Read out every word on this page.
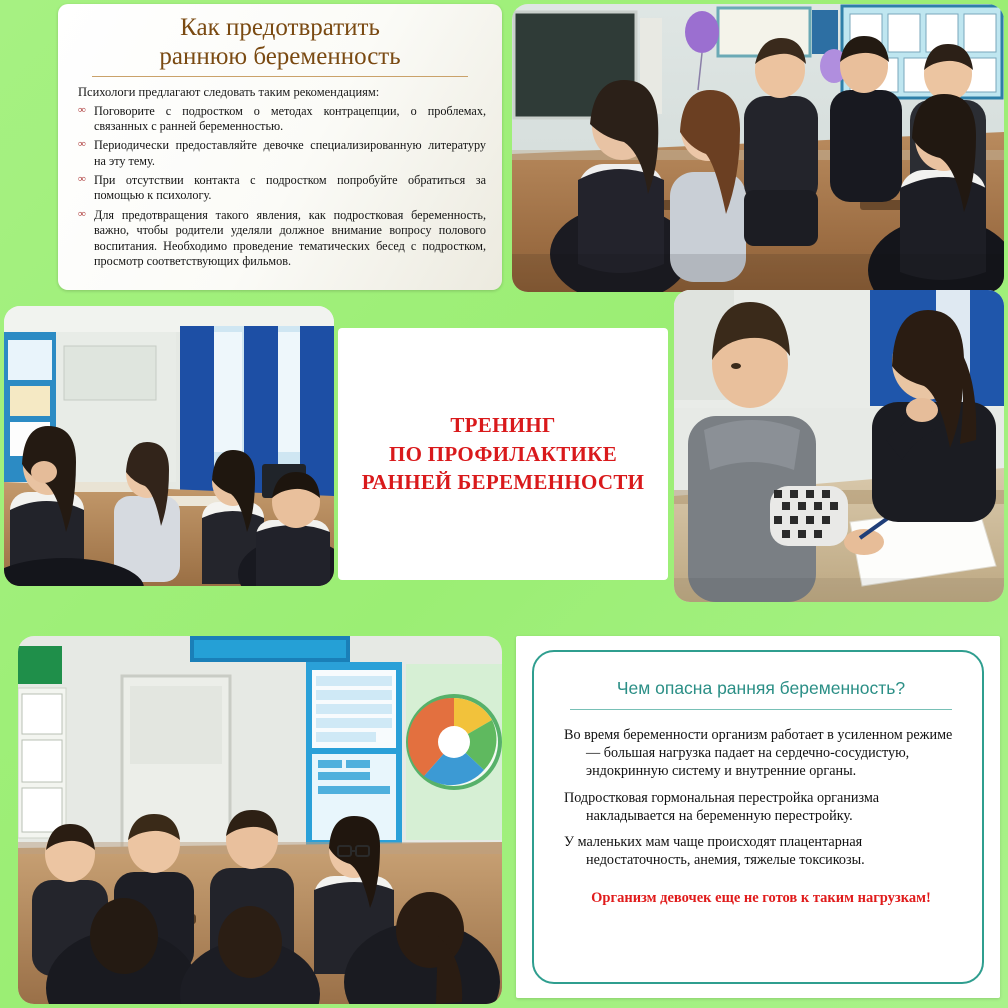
Как предотвратить
раннюю беременность
Психологи предлагают следовать таким рекомендациям:
∞ Поговорите с подростком о методах контрацепции, о проблемах, связанных с ранней беременностью.
∞ Периодически предоставляйте девочке специализированную литературу на эту тему.
∞ При отсутствии контакта с подростком попробуйте обратиться за помощью к психологу.
∞ Для предотвращения такого явления, как подростковая беременность, важно, чтобы родители уделяли должное внимание вопросу полового воспитания. Необходимо проведение тематических бесед с подростком, просмотр соответствующих фильмов.
ТРЕНИНГ
ПО ПРОФИЛАКТИКЕ
РАННЕЙ БЕРЕМЕННОСТИ
Чем опасна ранняя беременность?

Во время беременности организм работает в усиленном режиме — большая нагрузка падает на сердечно-сосудистую, эндокринную систему и внутренние органы.

Подростковая гормональная перестройка организма накладывается на беременную перестройку.

У маленьких мам чаще происходят плацентарная недостаточность, анемия, тяжелые токсикозы.

Организм девочек еще не готов к таким нагрузкам!
